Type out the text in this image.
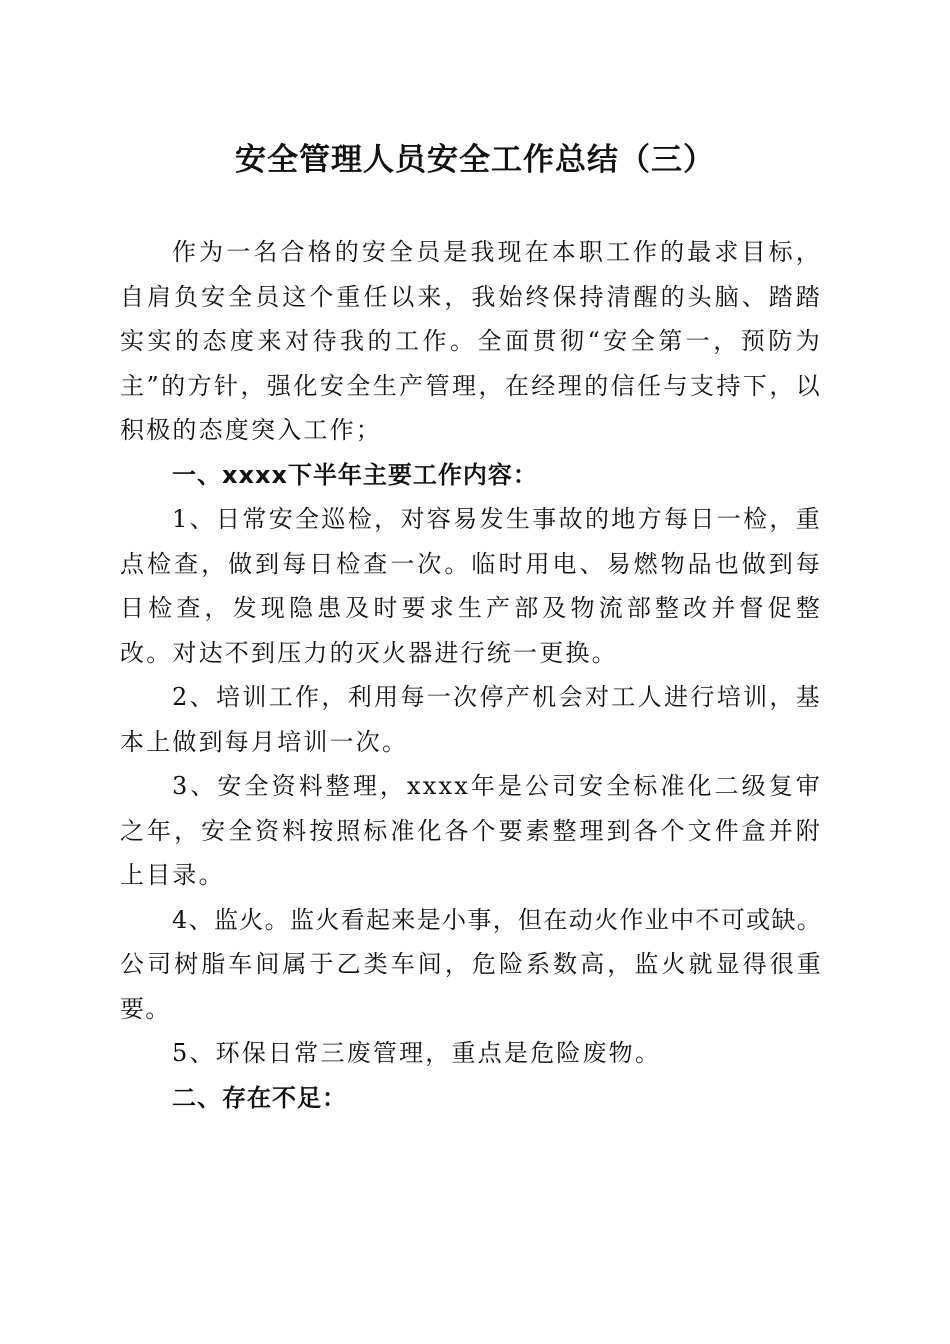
安全管理人员安全工作总结（三）

作为一名合格的安全员是我现在本职工作的最求目标，自肩负安全员这个重任以来，我始终保持清醒的头脑、踏踏实实的态度来对待我的工作。全面贯彻“安全第一，预防为主”的方针，强化安全生产管理，在经理的信任与支持下，以积极的态度突入工作；

一、xxxx下半年主要工作内容：

1、日常安全巡检，对容易发生事故的地方每日一检，重点检查，做到每日检查一次。临时用电、易燃物品也做到每日检查，发现隐患及时要求生产部及物流部整改并督促整改。对达不到压力的灭火器进行统一更换。

2、培训工作，利用每一次停产机会对工人进行培训，基本上做到每月培训一次。

3、安全资料整理，xxxx年是公司安全标准化二级复审之年，安全资料按照标准化各个要素整理到各个文件盒并附上目录。

4、监火。监火看起来是小事，但在动火作业中不可或缺。公司树脂车间属于乙类车间，危险系数高，监火就显得很重要。

5、环保日常三废管理，重点是危险废物。

二、存在不足：
